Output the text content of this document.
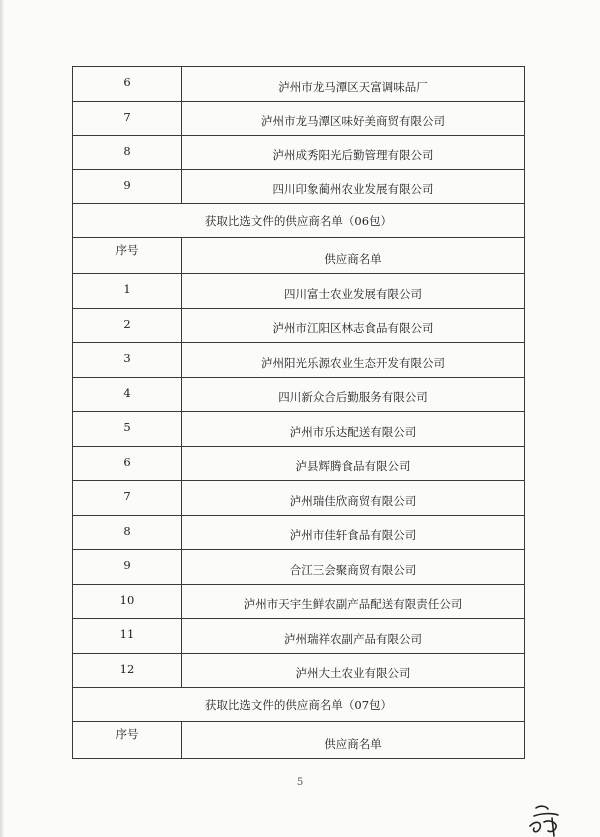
6	泸州市龙马潭区天富调味品厂
7	泸州市龙马潭区味好美商贸有限公司
8	泸州成秀阳光后勤管理有限公司
9	四川印象蔺州农业发展有限公司
获取比选文件的供应商名单（06包）	
序号	供应商名单
1	四川富士农业发展有限公司
2	泸州市江阳区林志食品有限公司
3	泸州阳光乐源农业生态开发有限公司
4	四川新众合后勤服务有限公司
5	泸州市乐达配送有限公司
6	泸县辉腾食品有限公司
7	泸州瑞佳欣商贸有限公司
8	泸州市佳轩食品有限公司
9	合江三会聚商贸有限公司
10	泸州市天宇生鲜农副产品配送有限责任公司
11	泸州瑞祥农副产品有限公司
12	泸州大土农业有限公司
获取比选文件的供应商名单（07包）	
序号	供应商名单
5
